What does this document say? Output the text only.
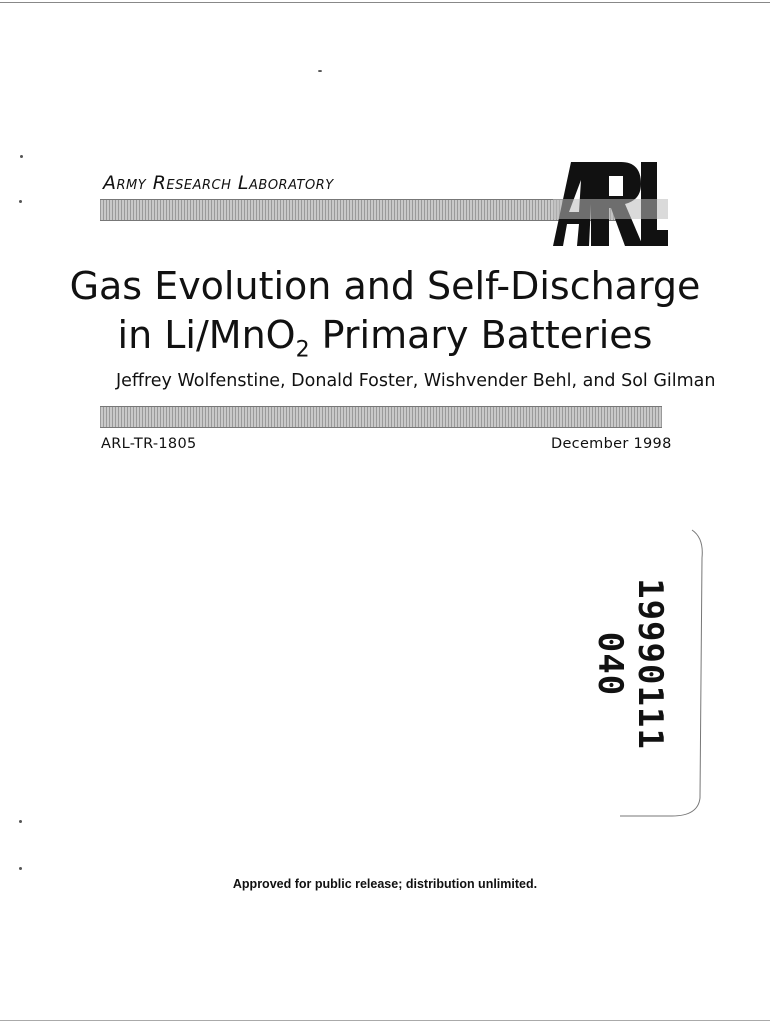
Army Research Laboratory
Gas Evolution and Self-Discharge
in Li/MnO$_2$ Primary Batteries
Jeffrey Wolfenstine, Donald Foster, Wishvender Behl, and Sol Gilman
ARL-TR-1805	December 1998
19990111 040
Approved for public release; distribution unlimited.
